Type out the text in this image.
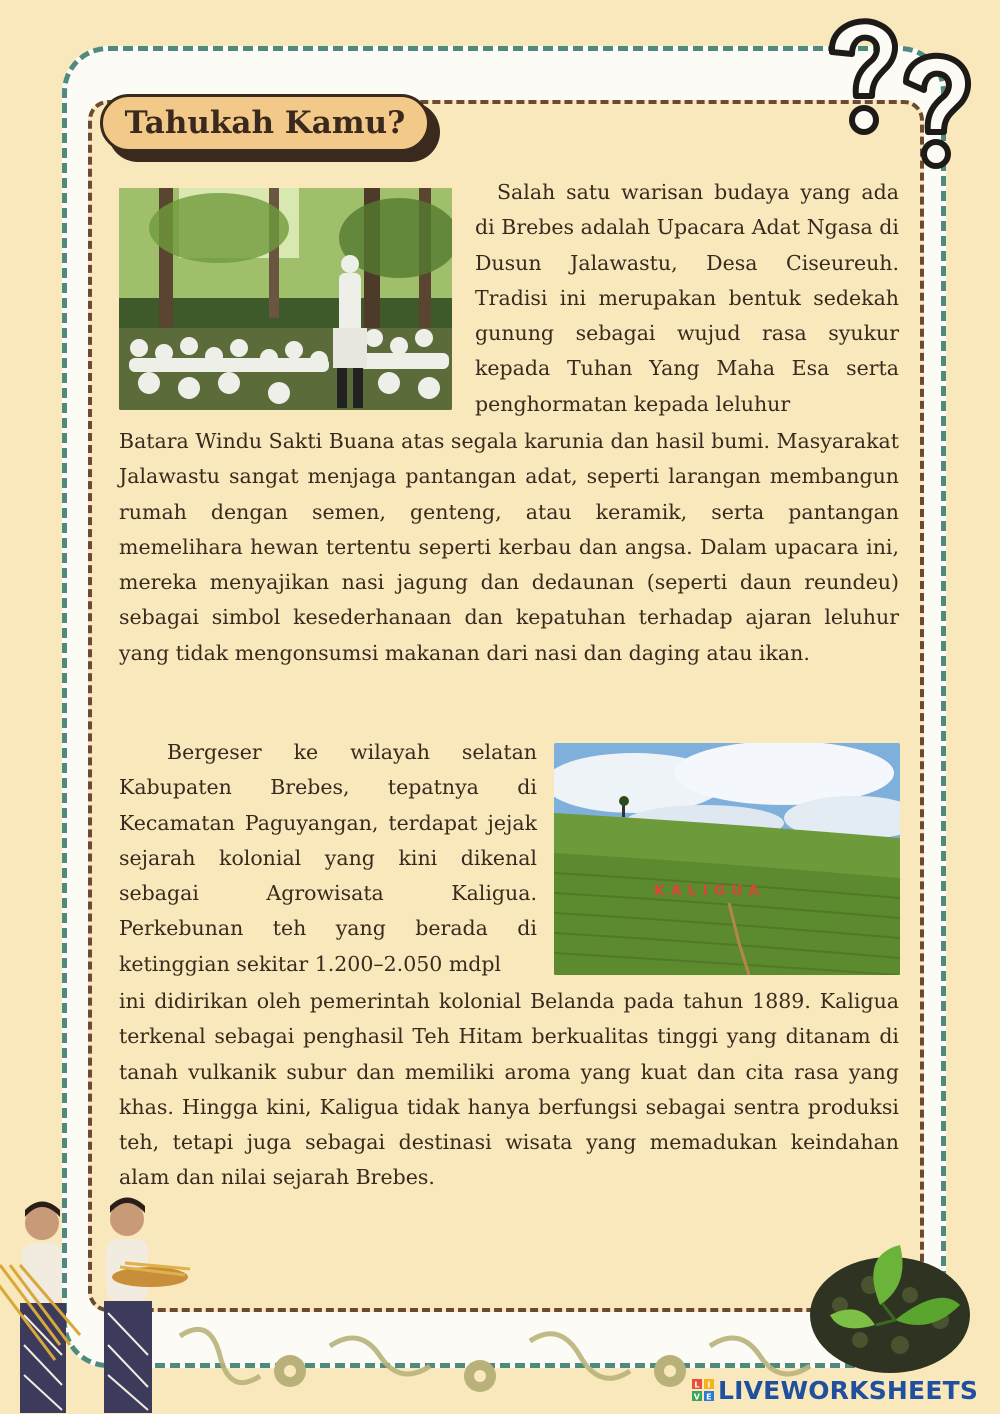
Tahukah Kamu?

Salah satu warisan budaya yang ada di Brebes adalah Upacara Adat Ngasa di Dusun Jalawastu, Desa Ciseureuh. Tradisi ini merupakan bentuk sedekah gunung sebagai wujud rasa syukur kepada Tuhan Yang Maha Esa serta penghormatan kepada leluhur

Batara Windu Sakti Buana atas segala karunia dan hasil bumi. Masyarakat Jalawastu sangat menjaga pantangan adat, seperti larangan membangun rumah dengan semen, genteng, atau keramik, serta pantangan memelihara hewan tertentu seperti kerbau dan angsa. Dalam upacara ini, mereka menyajikan nasi jagung dan dedaunan (seperti daun reundeu) sebagai simbol kesederhanaan dan kepatuhan terhadap ajaran leluhur yang tidak mengonsumsi makanan dari nasi dan daging atau ikan.

Bergeser ke wilayah selatan Kabupaten Brebes, tepatnya di Kecamatan Paguyangan, terdapat jejak sejarah kolonial yang kini dikenal sebagai Agrowisata Kaligua. Perkebunan teh yang berada di ketinggian sekitar 1.200–2.050 mdpl

KALIGUA

ini didirikan oleh pemerintah kolonial Belanda pada tahun 1889. Kaligua terkenal sebagai penghasil Teh Hitam berkualitas tinggi yang ditanam di tanah vulkanik subur dan memiliki aroma yang kuat dan cita rasa yang khas. Hingga kini, Kaligua tidak hanya berfungsi sebagai sentra produksi teh, tetapi juga sebagai destinasi wisata yang memadukan keindahan alam dan nilai sejarah Brebes.

L I
V E LIVEWORKSHEETS
